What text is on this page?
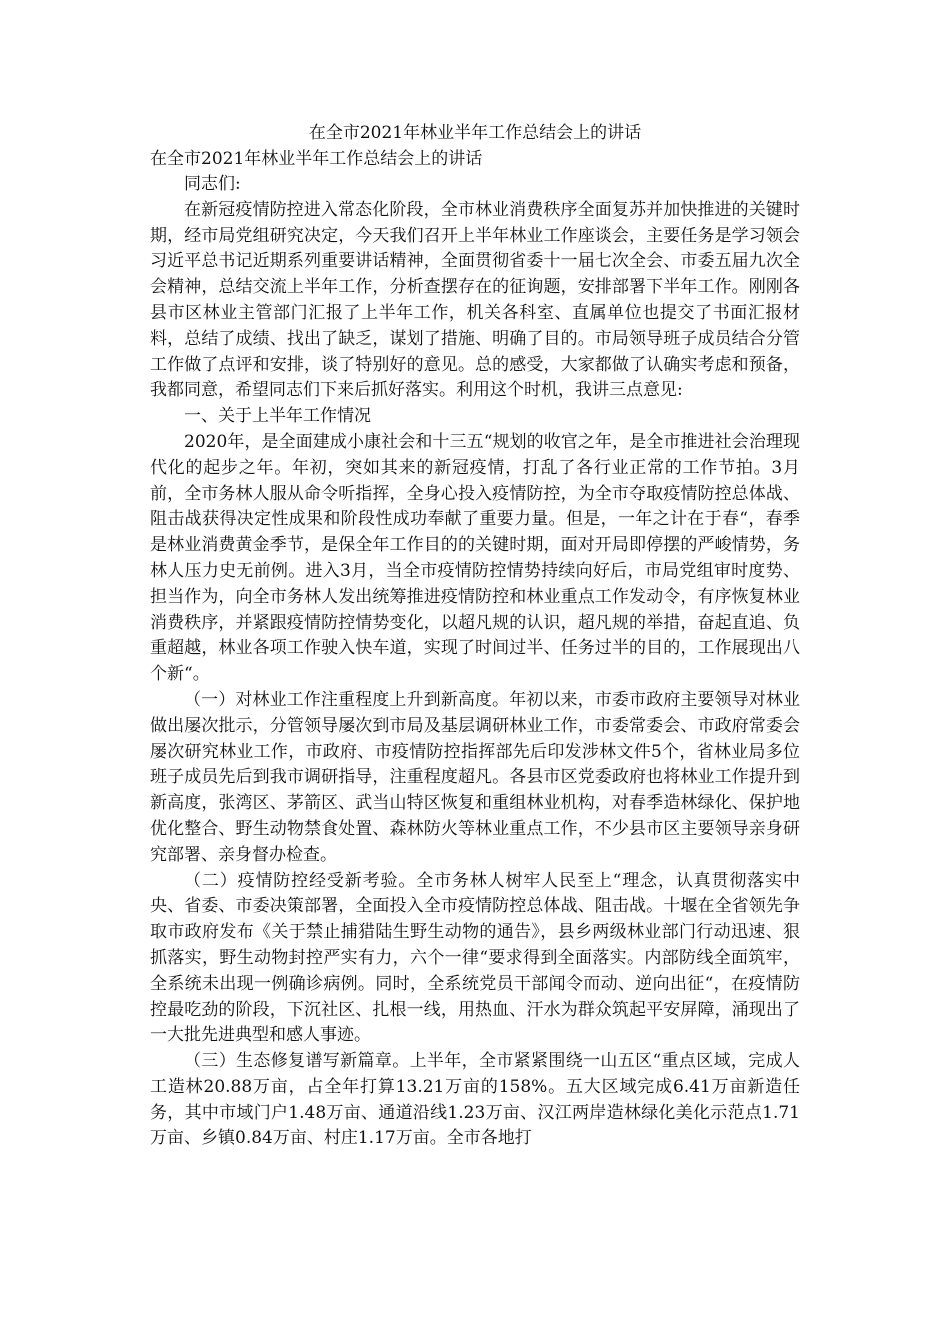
在全市2021年林业半年工作总结会上的讲话

在全市2021年林业半年工作总结会上的讲话

同志们:

在新冠疫情防控进入常态化阶段，全市林业消费秩序全面复苏并加快推进的关键时期，经市局党组研究决定，今天我们召开上半年林业工作座谈会，主要任务是学习领会习近平总书记近期系列重要讲话精神，全面贯彻省委十一届七次全会、市委五届九次全会精神，总结交流上半年工作，分析查摆存在的征询题，安排部署下半年工作。刚刚各县市区林业主管部门汇报了上半年工作，机关各科室、直属单位也提交了书面汇报材料，总结了成绩、找出了缺乏，谋划了措施、明确了目的。市局领导班子成员结合分管工作做了点评和安排，谈了特别好的意见。总的感受，大家都做了认确实考虑和预备，我都同意，希望同志们下来后抓好落实。利用这个时机，我讲三点意见:

一、关于上半年工作情况

2020年，是全面建成小康社会和十三五“规划的收官之年，是全市推进社会治理现代化的起步之年。年初，突如其来的新冠疫情，打乱了各行业正常的工作节拍。3月前，全市务林人服从命令听指挥，全身心投入疫情防控，为全市夺取疫情防控总体战、阻击战获得决定性成果和阶段性成功奉献了重要力量。但是，一年之计在于春“，春季是林业消费黄金季节，是保全年工作目的的关键时期，面对开局即停摆的严峻情势，务林人压力史无前例。进入3月，当全市疫情防控情势持续向好后，市局党组审时度势、担当作为，向全市务林人发出统筹推进疫情防控和林业重点工作发动令，有序恢复林业消费秩序，并紧跟疫情防控情势变化，以超凡规的认识，超凡规的举措，奋起直追、负重超越，林业各项工作驶入快车道，实现了时间过半、任务过半的目的，工作展现出八个新“。

（一）对林业工作注重程度上升到新高度。年初以来，市委市政府主要领导对林业做出屡次批示，分管领导屡次到市局及基层调研林业工作，市委常委会、市政府常委会屡次研究林业工作，市政府、市疫情防控指挥部先后印发涉林文件5个，省林业局多位班子成员先后到我市调研指导，注重程度超凡。各县市区党委政府也将林业工作提升到新高度，张湾区、茅箭区、武当山特区恢复和重组林业机构，对春季造林绿化、保护地优化整合、野生动物禁食处置、森林防火等林业重点工作，不少县市区主要领导亲身研究部署、亲身督办检查。

（二）疫情防控经受新考验。全市务林人树牢人民至上“理念，认真贯彻落实中央、省委、市委决策部署，全面投入全市疫情防控总体战、阻击战。十堰在全省领先争取市政府发布《关于禁止捕猎陆生野生动物的通告》，县乡两级林业部门行动迅速、狠抓落实，野生动物封控严实有力，六个一律“要求得到全面落实。内部防线全面筑牢，全系统未出现一例确诊病例。同时，全系统党员干部闻令而动、逆向出征“，在疫情防控最吃劲的阶段，下沉社区、扎根一线，用热血、汗水为群众筑起平安屏障，涌现出了一大批先进典型和感人事迹。

（三）生态修复谱写新篇章。上半年，全市紧紧围绕一山五区“重点区域，完成人工造林20.88万亩，占全年打算13.21万亩的158%。五大区域完成6.41万亩新造任务，其中市域门户1.48万亩、通道沿线1.23万亩、汉江两岸造林绿化美化示范点1.71万亩、乡镇0.84万亩、村庄1.17万亩。全市各地打
